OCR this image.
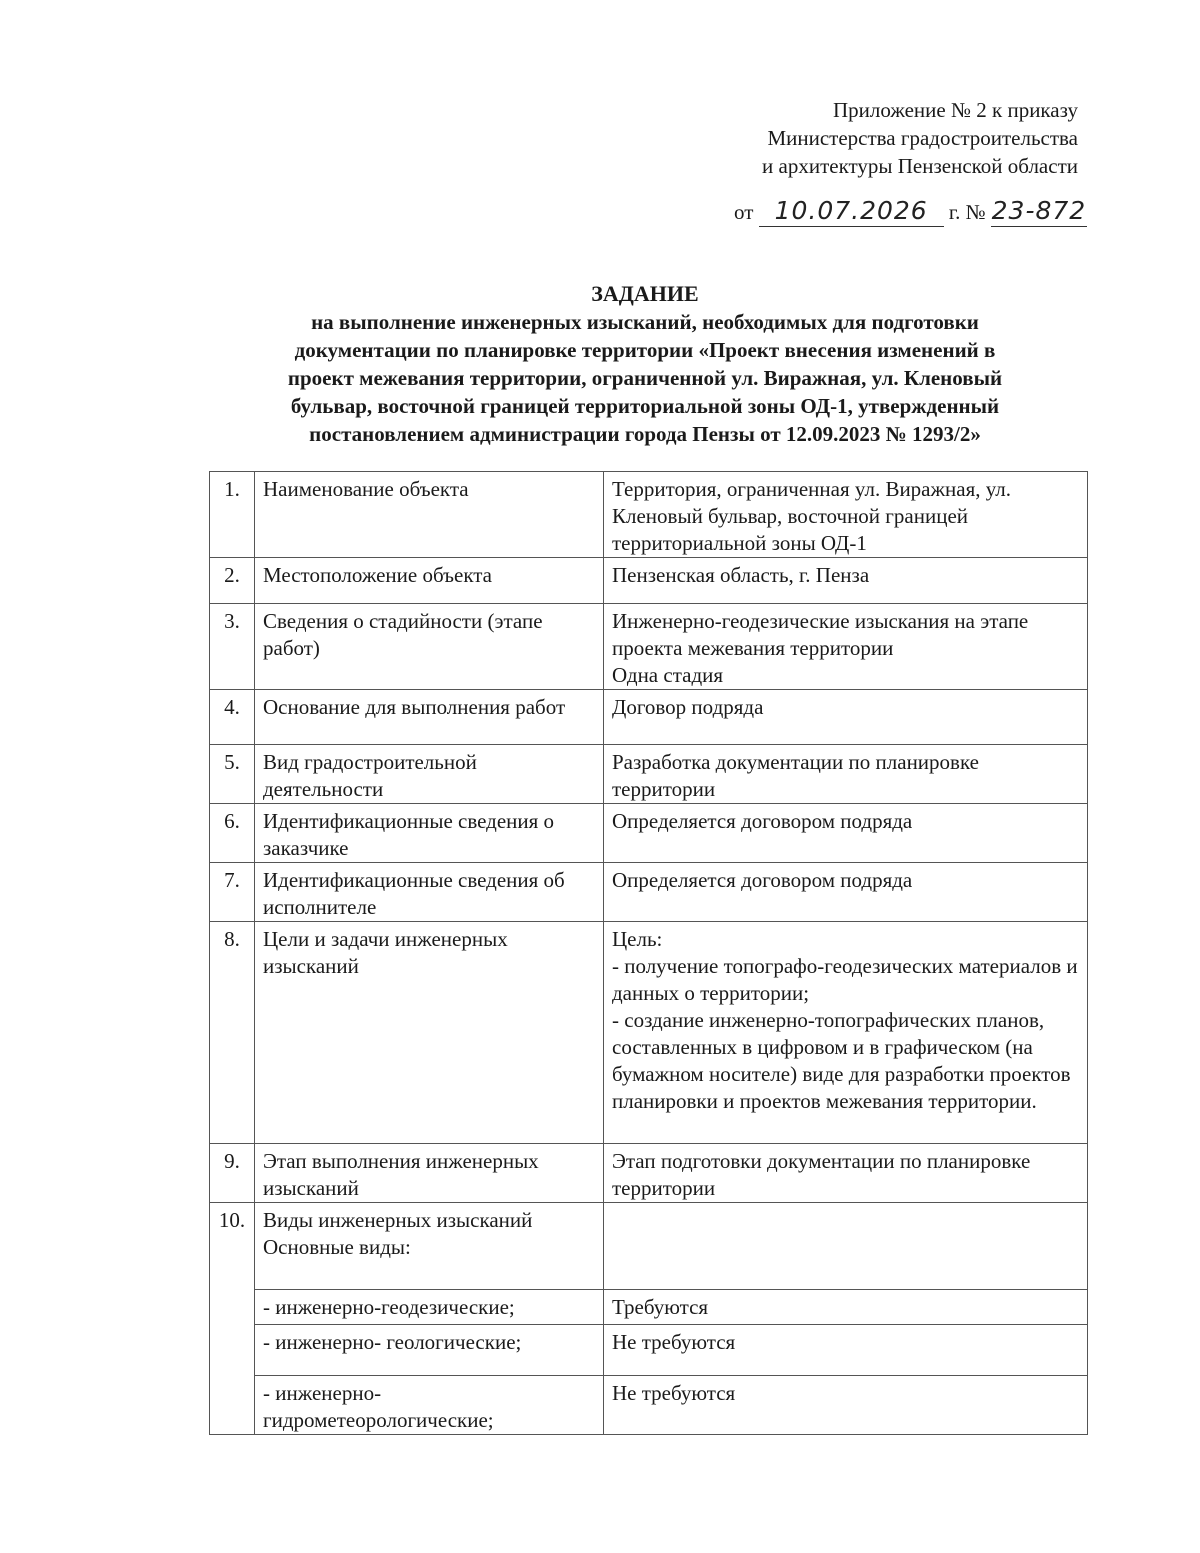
Приложение № 2 к приказу
Министерства градостроительства
и архитектуры Пензенской области
от 10.07.2026 г. № 23-872
ЗАДАНИЕ
на выполнение инженерных изысканий, необходимых для подготовки
документации по планировке территории «Проект внесения изменений в
проект межевания территории, ограниченной ул. Виражная, ул. Кленовый
бульвар, восточной границей территориальной зоны ОД-1, утвержденный
постановлением администрации города Пензы от 12.09.2023 № 1293/2»
1.	Наименование объекта	Территория, ограниченная ул. Виражная, ул. Кленовый бульвар, восточной границей территориальной зоны ОД-1
2.	Местоположение объекта	Пензенская область, г. Пенза
3.	Сведения о стадийности (этапе работ)	Инженерно-геодезические изыскания на этапе проекта межевания территории
Одна стадия
4.	Основание для выполнения работ	Договор подряда
5.	Вид градостроительной деятельности	Разработка документации по планировке территории
6.	Идентификационные сведения о заказчике	Определяется договором подряда
7.	Идентификационные сведения об исполнителе	Определяется договором подряда
8.	Цели и задачи инженерных изысканий	Цель:
- получение топографо-геодезических материалов и данных о территории;
- создание инженерно-топографических планов, составленных в цифровом и в графическом (на бумажном носителе) виде для разработки проектов планировки и проектов межевания территории.
9.	Этап выполнения инженерных изысканий	Этап подготовки документации по планировке территории
10.	Виды инженерных изысканий
Основные виды:	
	- инженерно-геодезические;	Требуются
	- инженерно- геологические;	Не требуются
	- инженерно-
гидрометеорологические;	Не требуются
